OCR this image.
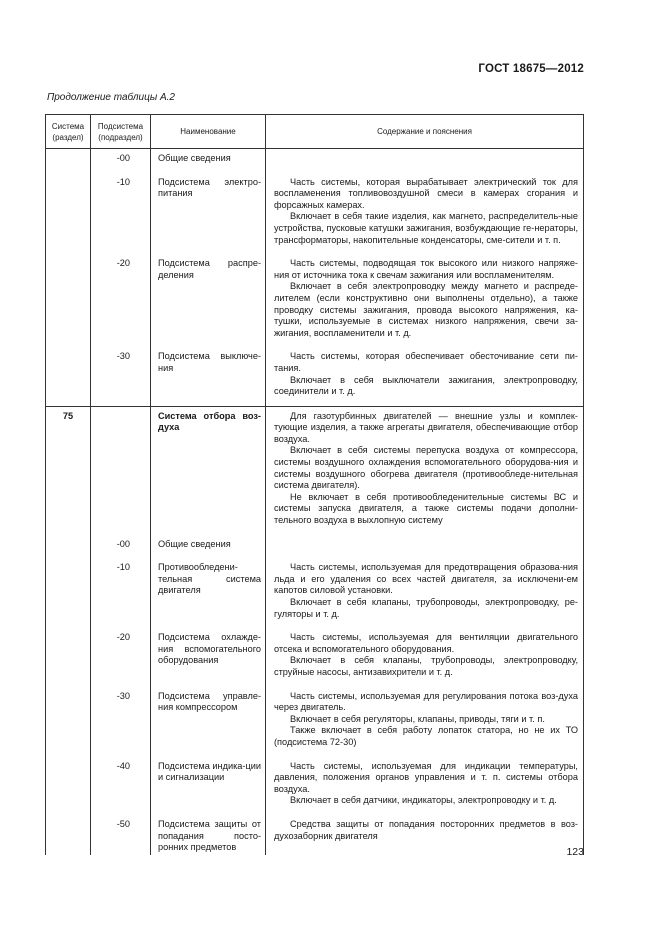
ГОСТ 18675—2012
Продолжение таблицы А.2
Система (раздел)	Подсистема (подраздел)	Наименование	Содержание и пояснения
	-00	Общие сведения	
	-10	Подсистема электро-питания	Часть системы, которая вырабатывает электрический ток для воспламенения топливовоздушной смеси в камерах сгорания и форсажных камерах.

Включает в себя такие изделия, как магнето, распределитель-ные устройства, пусковые катушки зажигания, возбуждающие ге-нераторы, трансформаторы, накопительные конденсаторы, сме-сители и т. п.

	-20	Подсистема распре-деления	Часть системы, подводящая ток высокого или низкого напряже-ния от источника тока к свечам зажигания или воспламенителям.

Включает в себя электропроводку между магнето и распреде-лителем (если конструктивно они выполнены отдельно), а также проводку системы зажигания, провода высокого напряжения, ка-тушки, используемые в системах низкого напряжения, свечи за-жигания, воспламенители и т. д.

	-30	Подсистема выключе-ния	Часть системы, которая обеспечивает обесточивание сети пи-тания.

Включает в себя выключатели зажигания, электропроводку, соединители и т. д.

75		Система отбора воз-духа	Для газотурбинных двигателей — внешние узлы и комплек-тующие изделия, а также агрегаты двигателя, обеспечивающие отбор воздуха.

Включает в себя системы перепуска воздуха от компрессора, системы воздушного охлаждения вспомогательного оборудова-ния и системы воздушного обогрева двигателя (противообледе-нительная система двигателя).

Не включает в себя противообледенительные системы ВС и системы запуска двигателя, а также системы подачи дополни-тельного воздуха в выхлопную систему

	-00	Общие сведения	
	-10	Противообледени-тельная система двигателя	Часть системы, используемая для предотвращения образова-ния льда и его удаления со всех частей двигателя, за исключени-ем капотов силовой установки.

Включает в себя клапаны, трубопроводы, электропроводку, ре-гуляторы и т. д.

	-20	Подсистема охлажде-ния вспомогательного оборудования	Часть системы, используемая для вентиляции двигательного отсека и вспомогательного оборудования.

Включает в себя клапаны, трубопроводы, электропроводку, струйные насосы, антизавихрители и т. д.

	-30	Подсистема управле-ния компрессором	Часть системы, используемая для регулирования потока воз-духа через двигатель.

Включает в себя регуляторы, клапаны, приводы, тяги и т. п.

Также включает в себя работу лопаток статора, но не их ТО (подсистема 72-30)

	-40	Подсистема индика-ции и сигнализации	Часть системы, используемая для индикации температуры, давления, положения органов управления и т. п. системы отбора воздуха.

Включает в себя датчики, индикаторы, электропроводку и т. д.

	-50	Подсистема защиты от попадания посто-ронних предметов	Средства защиты от попадания посторонних предметов в воз-духозаборник двигателя

123
